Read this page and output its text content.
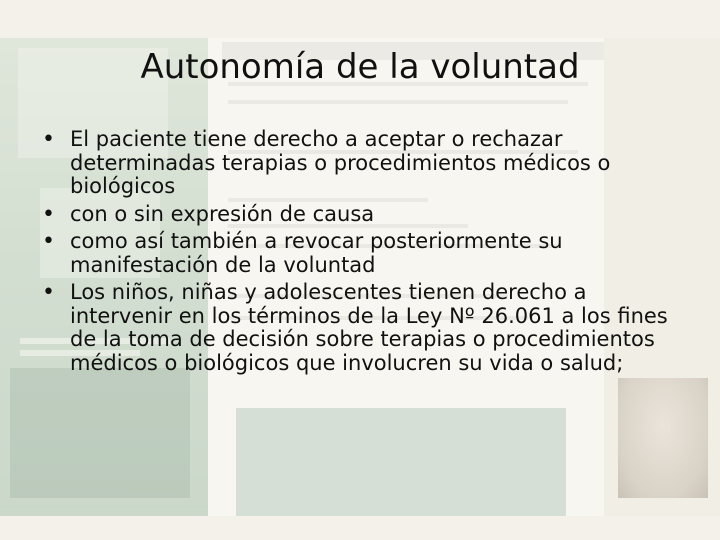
Autonomía de la voluntad
• El paciente tiene derecho a aceptar o rechazar determinadas terapias o procedimientos médicos o biológicos
• con o sin expresión de causa
• como así también a revocar posteriormente su manifestación de la voluntad
• Los niños, niñas y adolescentes tienen derecho a intervenir en los términos de la Ley Nº 26.061 a los fines de la toma de decisión sobre terapias o procedimientos médicos o biológicos que involucren su vida o salud;
